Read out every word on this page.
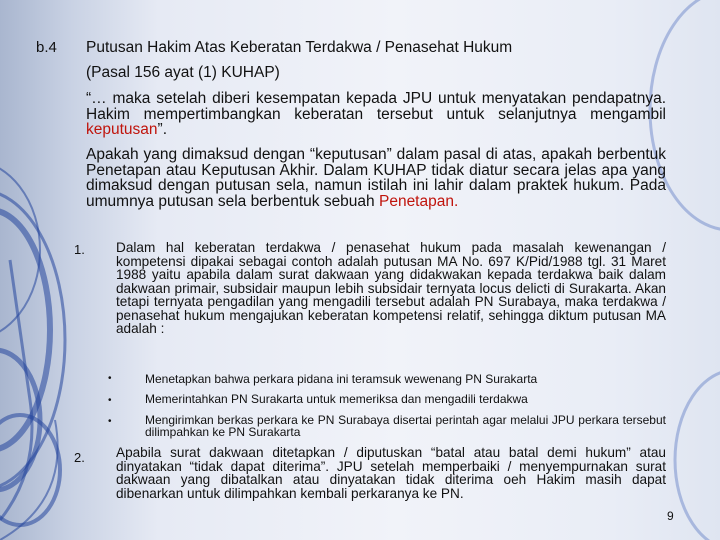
b.4 Putusan Hakim Atas Keberatan Terdakwa / Penasehat Hukum
(Pasal 156 ayat (1) KUHAP)

“… maka setelah diberi kesempatan kepada JPU untuk menyatakan pendapatnya. Hakim mempertimbangkan keberatan tersebut untuk selanjutnya mengambil keputusan”.

Apakah yang dimaksud dengan “keputusan” dalam pasal di atas, apakah berbentuk Penetapan atau Keputusan Akhir. Dalam KUHAP tidak diatur secara jelas apa yang dimaksud dengan putusan sela, namun istilah ini lahir dalam praktek hukum. Pada umumnya putusan sela berbentuk sebuah Penetapan.

1. Dalam hal keberatan terdakwa / penasehat hukum pada masalah kewenangan / kompetensi dipakai sebagai contoh adalah putusan MA No. 697 K/Pid/1988 tgl. 31 Maret 1988 yaitu apabila dalam surat dakwaan yang didakwakan kepada terdakwa baik dalam dakwaan primair, subsidair maupun lebih subsidair ternyata locus delicti di Surakarta. Akan tetapi ternyata pengadilan yang mengadili tersebut adalah PN Surabaya, maka terdakwa / penasehat hukum mengajukan keberatan kompetensi relatif, sehingga diktum putusan MA adalah :

•	Menetapkan bahwa perkara pidana ini teramsuk wewenang PN Surakarta

•	Memerintahkan PN Surakarta untuk memeriksa dan mengadili terdakwa

•	Mengirimkan berkas perkara ke PN Surabaya disertai perintah agar melalui JPU perkara tersebut dilimpahkan ke PN Surakarta

2. Apabila surat dakwaan ditetapkan / diputuskan “batal atau batal demi hukum” atau dinyatakan “tidak dapat diterima”. JPU setelah memperbaiki / menyempurnakan surat dakwaan yang dibatalkan atau dinyatakan tidak diterima oeh Hakim masih dapat dibenarkan untuk dilimpahkan kembali perkaranya ke PN.

9
